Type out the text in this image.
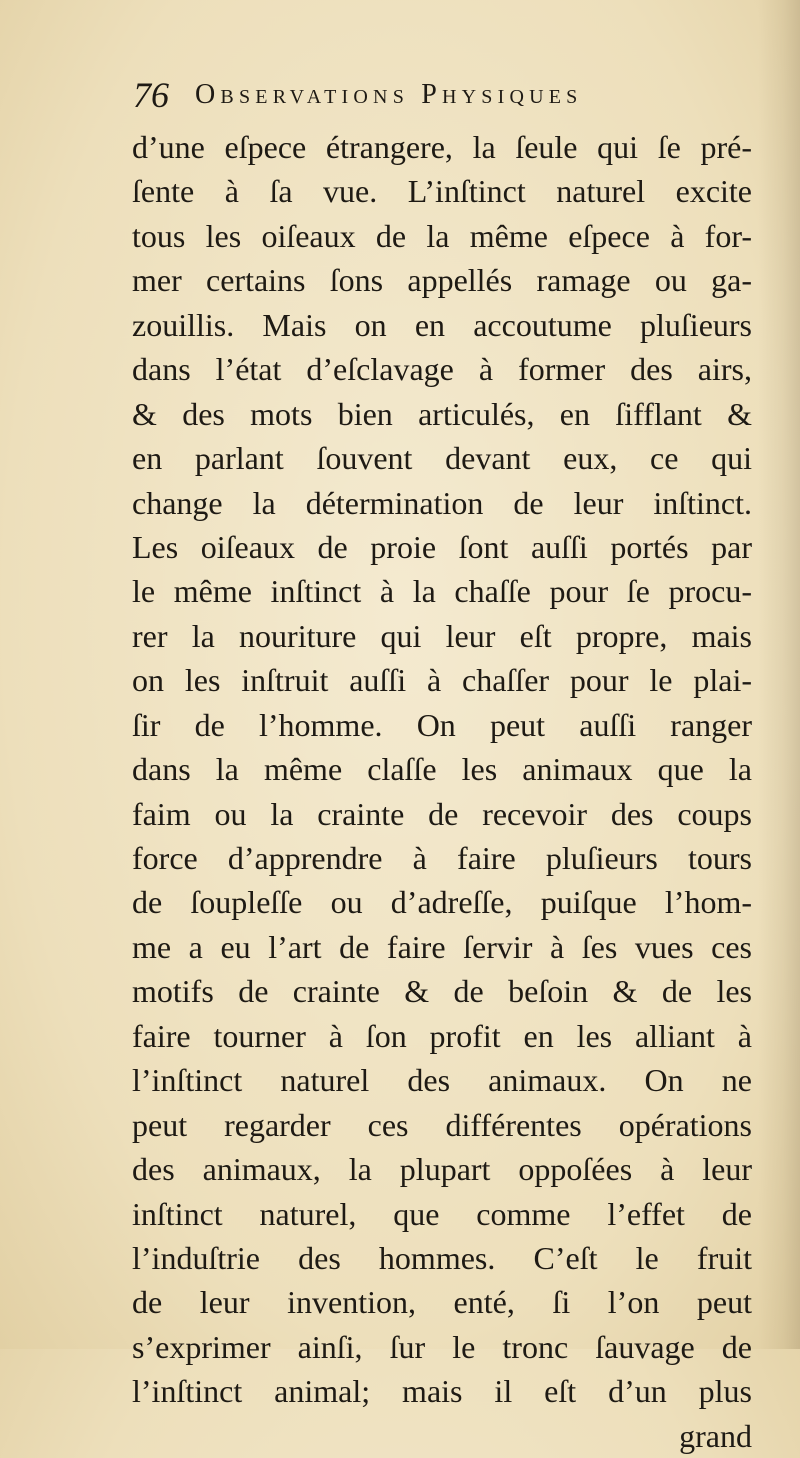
76 Observations Physiques
d’une eſpece étrangere, la ſeule qui ſe pré-
ſente à ſa vue. L’inſtinct naturel excite
tous les oiſeaux de la même eſpece à for-
mer certains ſons appellés ramage ou ga-
zouillis. Mais on en accoutume pluſieurs
dans l’état d’eſclavage à former des airs,
& des mots bien articulés, en ſifflant &
en parlant ſouvent devant eux, ce qui
change la détermination de leur inſtinct.
Les oiſeaux de proie ſont auſſi portés par
le même inſtinct à la chaſſe pour ſe procu-
rer la nouriture qui leur eſt propre, mais
on les inſtruit auſſi à chaſſer pour le plai-
ſir de l’homme. On peut auſſi ranger
dans la même claſſe les animaux que la
faim ou la crainte de recevoir des coups
force d’apprendre à faire pluſieurs tours
de ſoupleſſe ou d’adreſſe, puiſque l’hom-
me a eu l’art de faire ſervir à ſes vues ces
motifs de crainte & de beſoin & de les
faire tourner à ſon profit en les alliant à
l’inſtinct naturel des animaux. On ne
peut regarder ces différentes opérations
des animaux, la plupart oppoſées à leur
inſtinct naturel, que comme l’effet de
l’induſtrie des hommes. C’eſt le fruit
de leur invention, enté, ſi l’on peut
s’exprimer ainſi, ſur le tronc ſauvage de
l’inſtinct animal; mais il eſt d’un plus
grand
